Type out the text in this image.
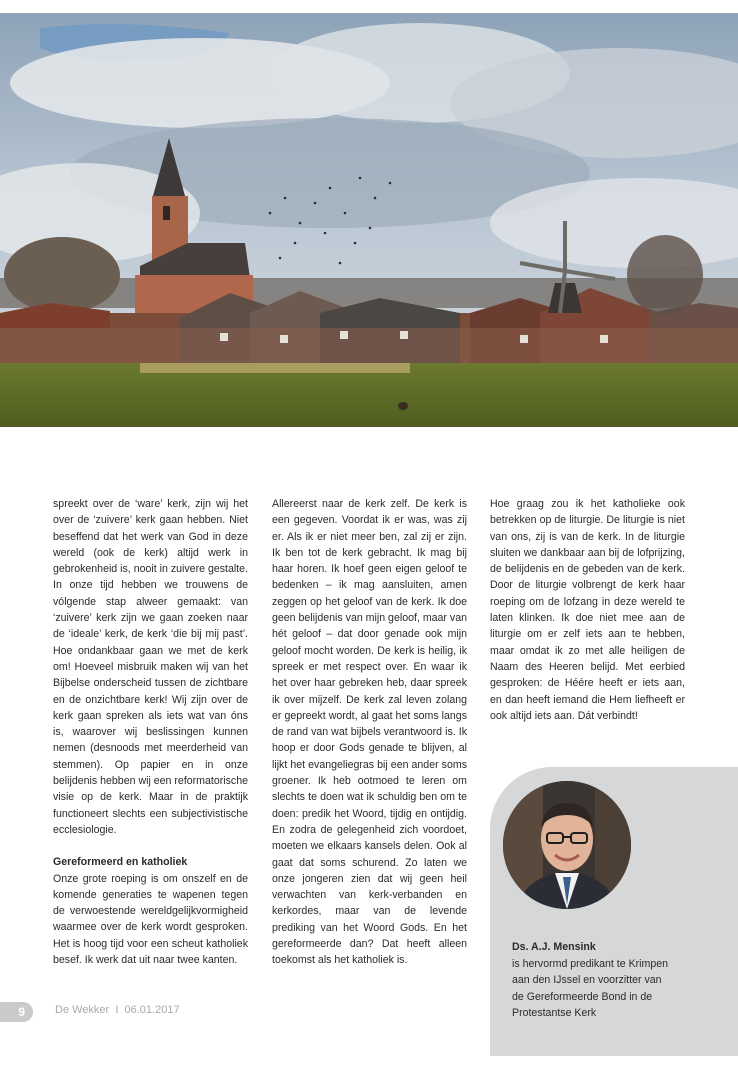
spreekt over de ‘ware’ kerk, zijn wij het over de ‘zuivere’ kerk gaan hebben. Niet beseffend dat het werk van God in deze wereld (ook de kerk) altijd werk in gebrokenheid is, nooit in zuivere gestalte. In onze tijd hebben we trouwens de vólgende stap alweer gemaakt: van ‘zuivere’ kerk zijn we gaan zoeken naar de ‘ideale’ kerk, de kerk ‘die bij mij past’. Hoe ondankbaar gaan we met de kerk om! Hoeveel misbruik maken wij van het Bijbelse onderscheid tussen de zichtbare en de onzichtbare kerk! Wij zijn over de kerk gaan spreken als iets wat van óns is, waarover wij beslissingen kunnen nemen (desnoods met meerderheid van stemmen). Op papier en in onze belijdenis hebben wij een reformatorische visie op de kerk. Maar in de praktijk functioneert slechts een subjectivistische ecclesiologie.

Gereformeerd en katholiek

Onze grote roeping is om onszelf en de komende generaties te wapenen tegen de verwoestende wereldgelijkvormigheid waarmee over de kerk wordt gesproken. Het is hoog tijd voor een scheut katholiek besef. Ik werk dat uit naar twee kanten.

Allereerst naar de kerk zelf. De kerk is een gegeven. Voordat ik er was, was zij er. Als ik er niet meer ben, zal zij er zijn. Ik ben tot de kerk gebracht. Ik mag bij haar horen. Ik hoef geen eigen geloof te bedenken – ik mag aansluiten, amen zeggen op het geloof van de kerk. Ik doe geen belijdenis van mijn geloof, maar van hét geloof – dat door genade ook mijn geloof mocht worden. De kerk is heilig, ik spreek er met respect over. En waar ik het over haar gebreken heb, daar spreek ik over mijzelf. De kerk zal leven zolang er gepreekt wordt, al gaat het soms langs de rand van wat bijbels verantwoord is. Ik hoop er door Gods genade te blijven, al lijkt het evangeliegras bij een ander soms groener. Ik heb ootmoed te leren om slechts te doen wat ik schuldig ben om te doen: predik het Woord, tijdig en ontijdig. En zodra de gelegenheid zich voordoet, moeten we elkaars kansels delen. Ook al gaat dat soms schurend. Zo laten we onze jongeren zien dat wij geen heil verwachten van kerk-verbanden en kerkordes, maar van de levende prediking van het Woord Gods. En het gereformeerde dan? Dat heeft alleen toekomst als het katholiek is.

Hoe graag zou ik het katholieke ook betrekken op de liturgie. De liturgie is niet van ons, zij is van de kerk. In de liturgie sluiten we dankbaar aan bij de lofprijzing, de belijdenis en de gebeden van de kerk. Door de liturgie volbrengt de kerk haar roeping om de lofzang in deze wereld te laten klinken. Ik doe niet mee aan de liturgie om er zelf iets aan te hebben, maar omdat ik zo met alle heiligen de Naam des Heeren belijd. Met eerbied gesproken: de Héére heeft er iets aan, en dan heeft iemand die Hem liefheeft er ook altijd iets aan. Dát verbindt!

Ds. A.J. Mensink
is hervormd predikant te Krimpen
aan den IJssel en voorzitter van
de Gereformeerde Bond in de
Protestantse Kerk
9	De Wekker I 06.01.2017
